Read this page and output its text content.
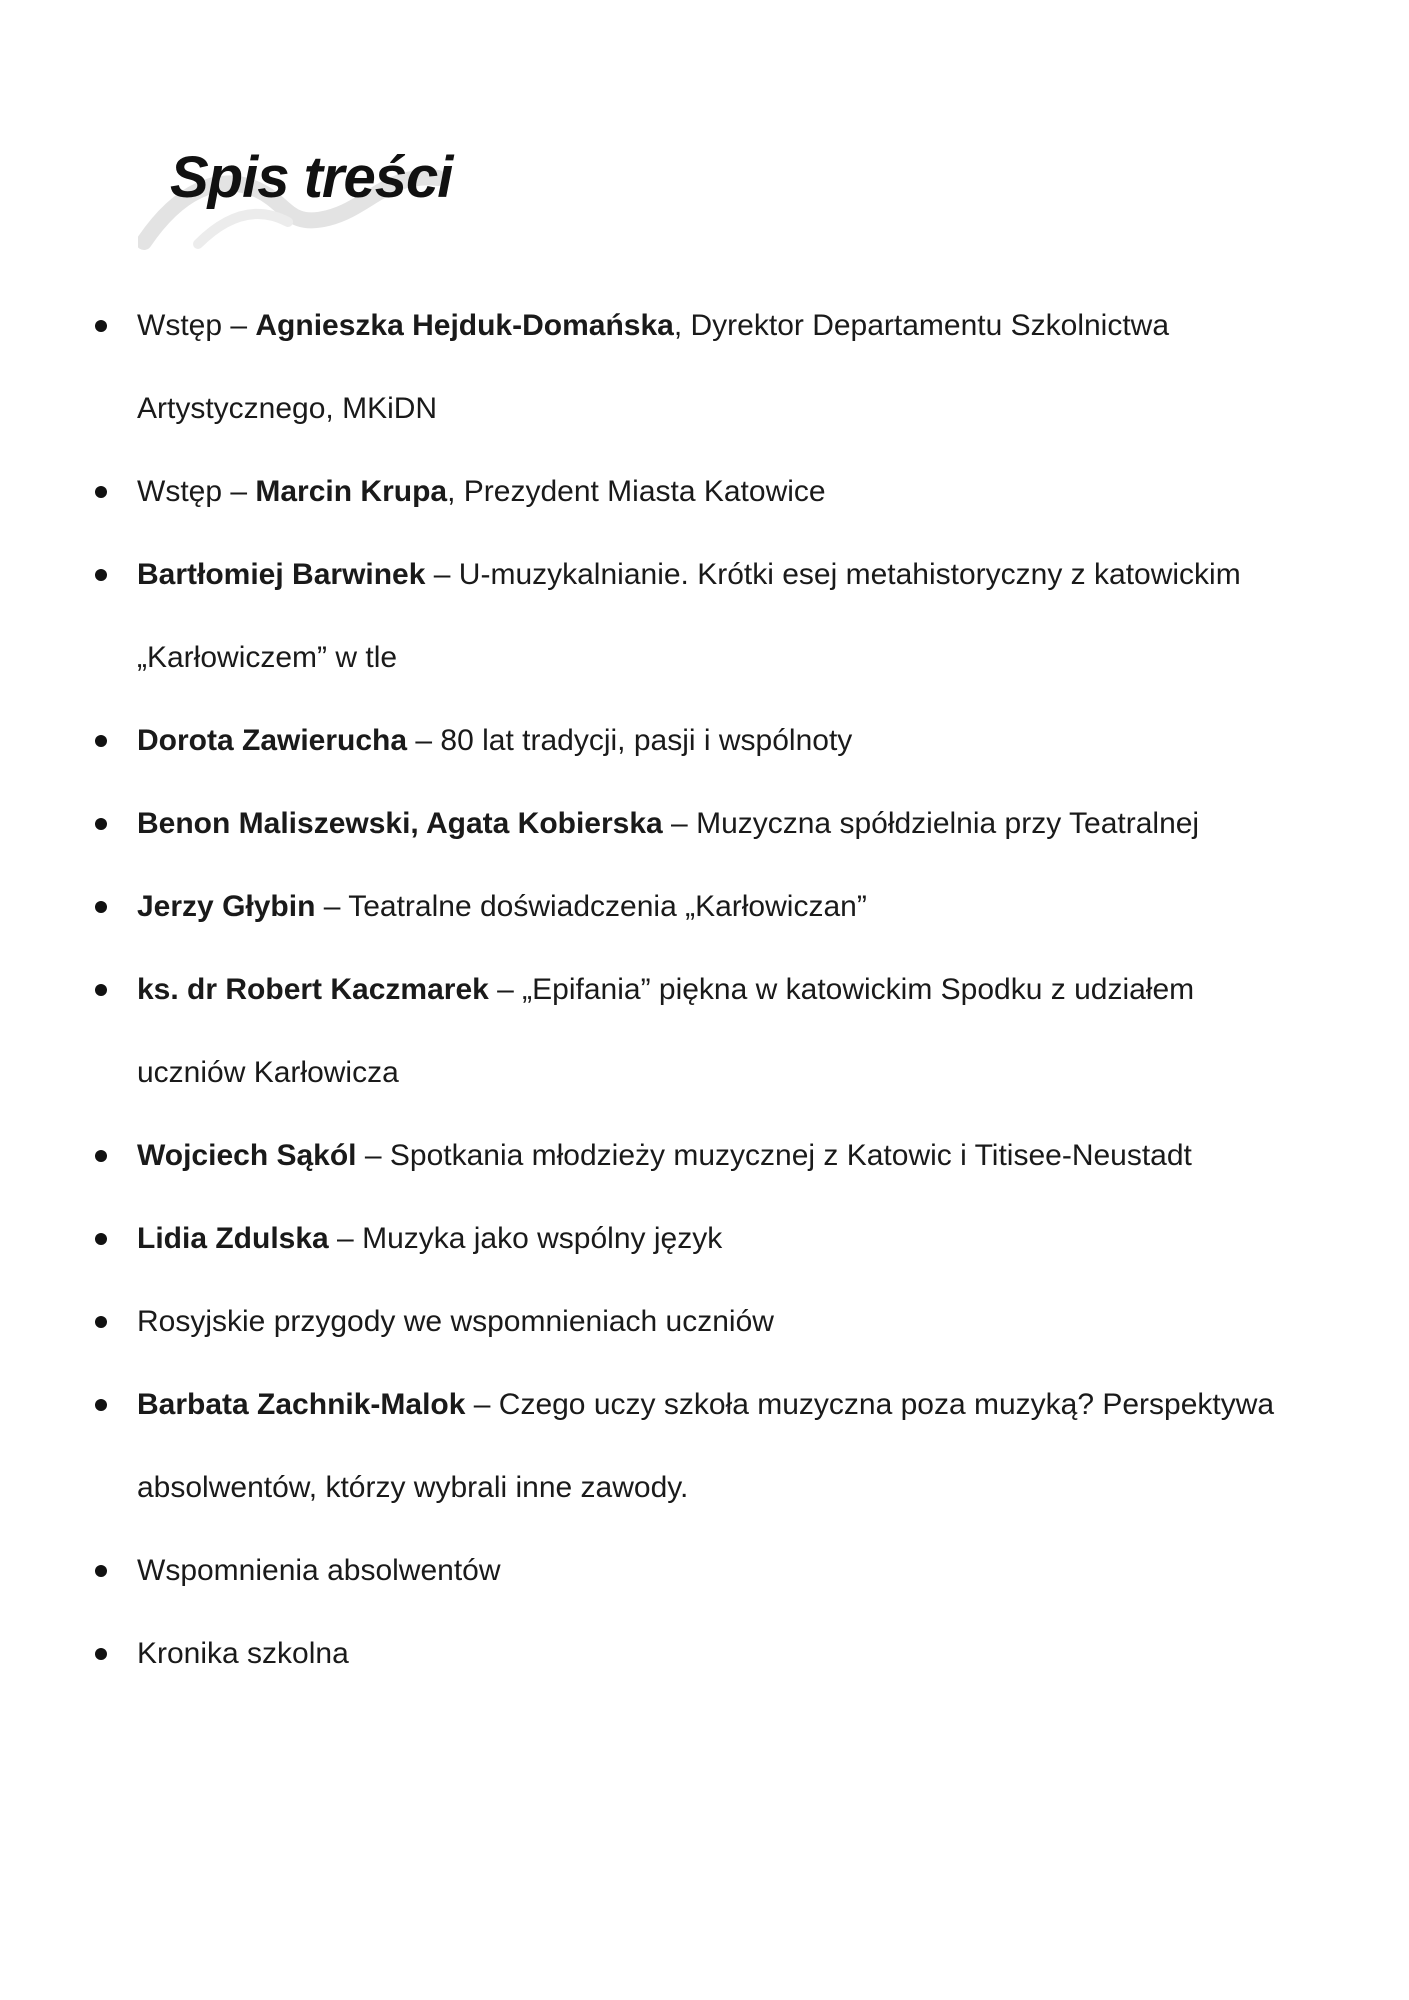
Spis treści
Wstęp – Agnieszka Hejduk-Domańska, Dyrektor Departamentu Szkolnictwa
Artystycznego, MKiDN
Wstęp – Marcin Krupa, Prezydent Miasta Katowice
Bartłomiej Barwinek – U-muzykalnianie. Krótki esej metahistoryczny z katowickim
„Karłowiczem” w tle
Dorota Zawierucha – 80 lat tradycji, pasji i wspólnoty
Benon Maliszewski, Agata Kobierska – Muzyczna spółdzielnia przy Teatralnej
Jerzy Głybin – Teatralne doświadczenia „Karłowiczan”
ks. dr Robert Kaczmarek – „Epifania” piękna w katowickim Spodku z udziałem
uczniów Karłowicza
Wojciech Sąkól – Spotkania młodzieży muzycznej z Katowic i Titisee-Neustadt
Lidia Zdulska – Muzyka jako wspólny język
Rosyjskie przygody we wspomnieniach uczniów
Barbata Zachnik-Malok – Czego uczy szkoła muzyczna poza muzyką? Perspektywa
absolwentów, którzy wybrali inne zawody.
Wspomnienia absolwentów
Kronika szkolna
